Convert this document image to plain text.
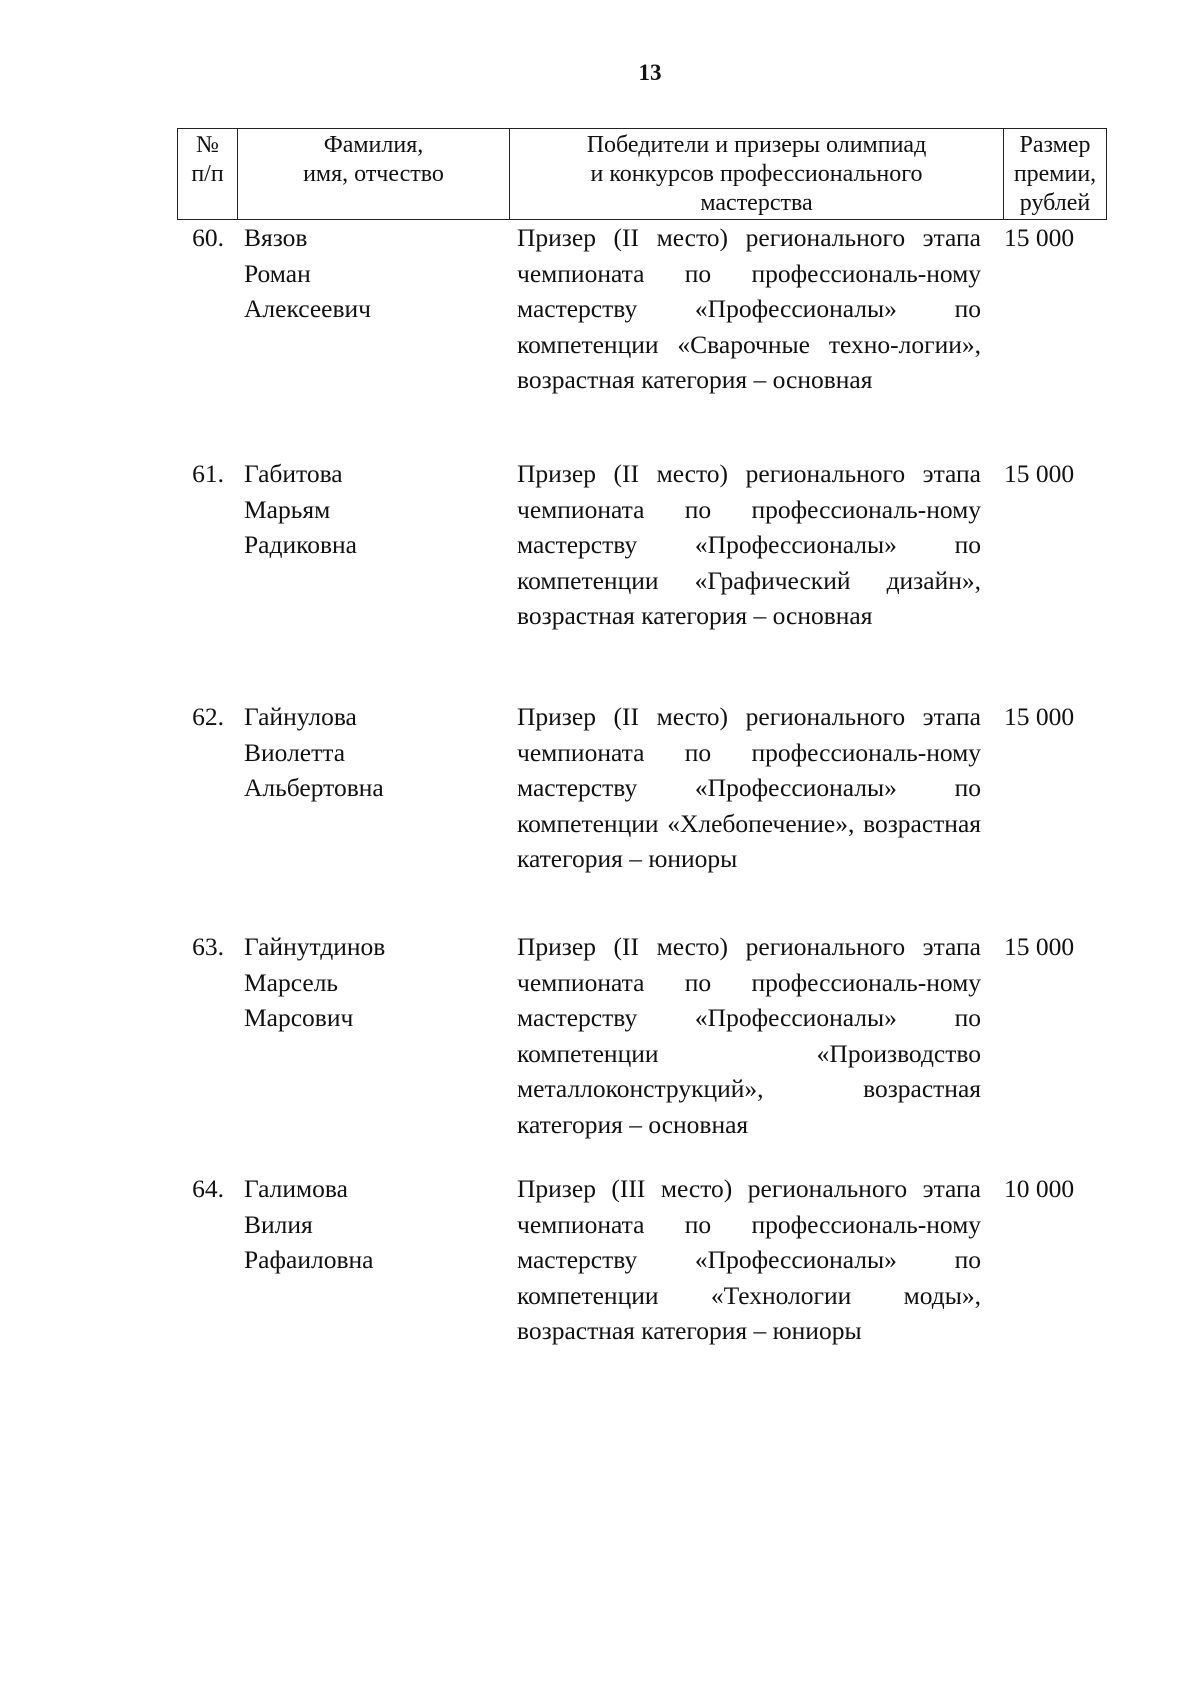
13
№
п/п
Фамилия,
имя, отчество
Победители и призеры олимпиад
и конкурсов профессионального
мастерства
Размер
премии,
рублей
60. Вязов
Роман
Алексеевич
Призер (II место) регионального этапа чемпионата по профессиональ-ному мастерству «Профессионалы» по компетенции «Сварочные техно-логии», возрастная категория – основная
15 000
61. Габитова
Марьям
Радиковна
Призер (II место) регионального этапа чемпионата по профессиональ-ному мастерству «Профессионалы» по компетенции «Графический дизайн», возрастная категория – основная
15 000
62. Гайнулова
Виолетта
Альбертовна
Призер (II место) регионального этапа чемпионата по профессиональ-ному мастерству «Профессионалы» по компетенции «Хлебопечение», возрастная категория – юниоры
15 000
63. Гайнутдинов
Марсель
Марсович
Призер (II место) регионального этапа чемпионата по профессиональ-ному мастерству «Профессионалы» по компетенции «Производство металлоконструкций», возрастная категория – основная
15 000
64. Галимова
Вилия
Рафаиловна
Призер (III место) регионального этапа чемпионата по профессиональ-ному мастерству «Профессионалы» по компетенции «Технологии моды», возрастная категория – юниоры
10 000
